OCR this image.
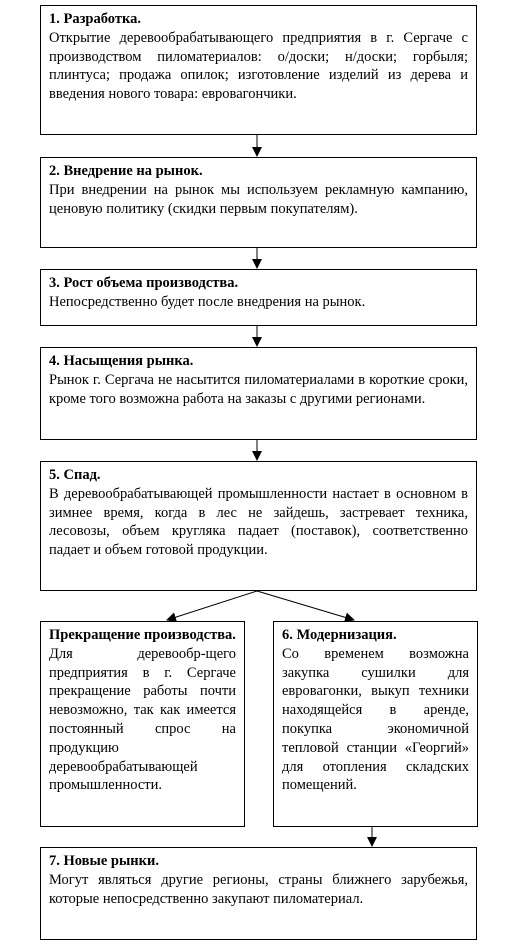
1. Разработка.
Открытие деревообрабатывающего предприятия в г. Сергаче с производством пиломатериалов: о/доски; н/доски; горбыля; плинтуса; продажа опилок; изготовление изделий из дерева и введения нового товара: евровагончики.
2. Внедрение на рынок.
При внедрении на рынок мы используем рекламную кампанию, ценовую политику (скидки первым покупателям).
3. Рост объема производства.
Непосредственно будет после внедрения на рынок.
4. Насыщения рынка.
Рынок г. Сергача не насытится пиломатериалами в короткие сроки, кроме того возможна работа на заказы с другими регионами.
5. Спад.
В деревообрабатывающей промышленности настает в основном в зимнее время, когда в лес не зайдешь, застревает техника, лесовозы, объем кругляка падает (поставок), соответственно падает и объем готовой продукции.
Прекращение производства.
Для деревообр-щего предприятия в г. Сергаче прекращение работы почти невозможно, так как имеется постоянный спрос на продукцию деревообрабатывающей промышленности.
6. Модернизация.
Со временем возможна закупка сушилки для евровагонки, выкуп техники находящейся в аренде, покупка экономичной тепловой станции «Георгий» для отопления складских помещений.
7. Новые рынки.
Могут являться другие регионы, страны ближнего зарубежья, которые непосредственно закупают пиломатериал.
